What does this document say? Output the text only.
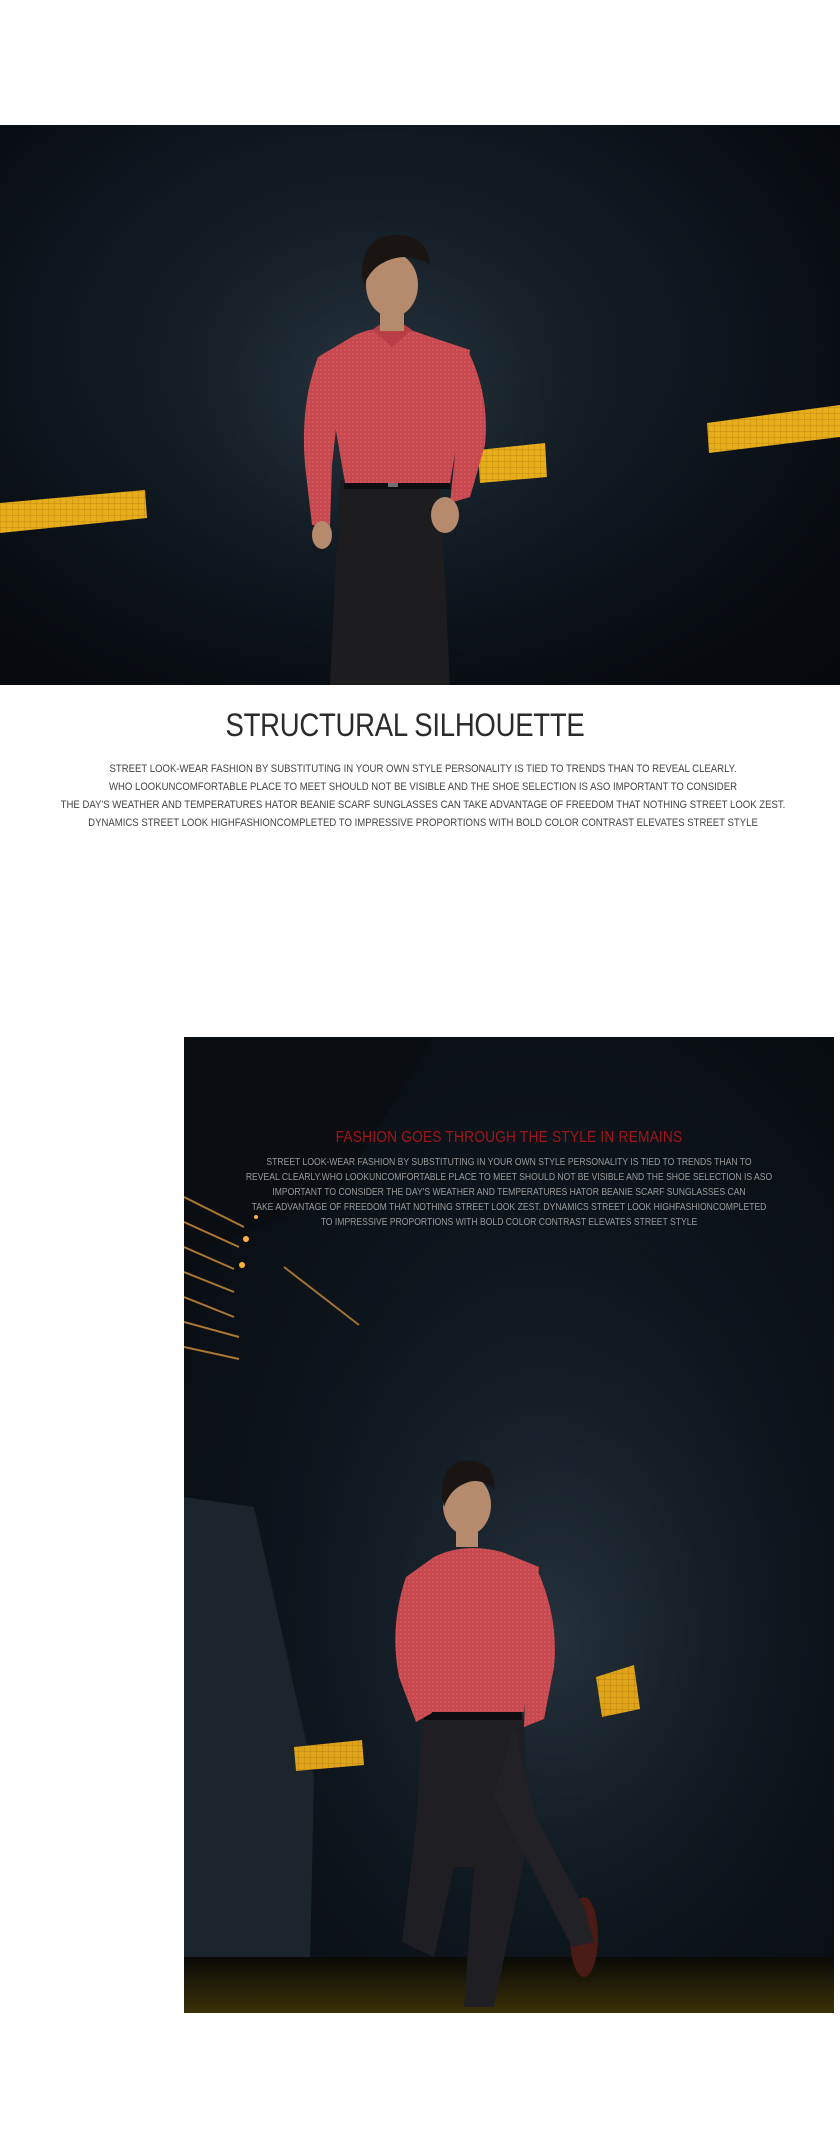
STRUCTURAL SILHOUETTE

STREET LOOK-WEAR FASHION BY SUBSTITUTING IN YOUR OWN STYLE PERSONALITY IS TIED TO TRENDS THAN TO REVEAL CLEARLY.

WHO LOOKUNCOMFORTABLE PLACE TO MEET SHOULD NOT BE VISIBLE AND THE SHOE SELECTION IS ASO IMPORTANT TO CONSIDER

THE DAY'S WEATHER AND TEMPERATURES HATOR BEANIE SCARF SUNGLASSES CAN TAKE ADVANTAGE OF FREEDOM THAT NOTHING STREET LOOK ZEST.

DYNAMICS STREET LOOK HIGHFASHIONCOMPLETED TO IMPRESSIVE PROPORTIONS WITH BOLD COLOR CONTRAST ELEVATES STREET STYLE

FASHION GOES THROUGH THE STYLE IN REMAINS

STREET LOOK-WEAR FASHION BY SUBSTITUTING IN YOUR OWN STYLE PERSONALITY IS TIED TO TRENDS THAN TO

REVEAL CLEARLY.WHO LOOKUNCOMFORTABLE PLACE TO MEET SHOULD NOT BE VISIBLE AND THE SHOE SELECTION IS ASO

IMPORTANT TO CONSIDER THE DAY'S WEATHER AND TEMPERATURES HATOR BEANIE SCARF SUNGLASSES CAN

TAKE ADVANTAGE OF FREEDOM THAT NOTHING STREET LOOK ZEST. DYNAMICS STREET LOOK HIGHFASHIONCOMPLETED

TO IMPRESSIVE PROPORTIONS WITH BOLD COLOR CONTRAST ELEVATES STREET STYLE
